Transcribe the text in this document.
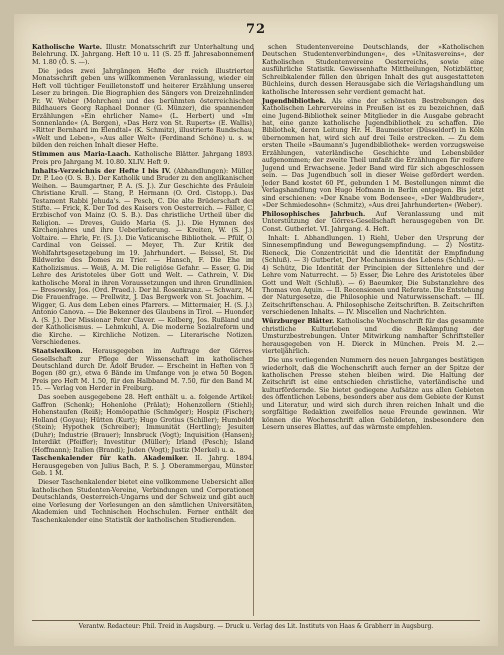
72

Katholische Warte. Illustr. Monatsschrift zur Unterhaltung und Belehrung. IX. Jahrgang. Heft 10 u. 11 (S. 25 ff. Jahresabonnement M. 1.80 (Ö. S. —).

Die jedes zwei Jahrgängen Hefte der reich illustrierten Monatsschrift geben uns willkommenen Veranlassung, wieder ein Heft voll tüchtiger Feuilletonstoff und heiterer Erzählung unserer Leser zu bringen. Die Biographien des Sängers von Dreizehnlinden Fr. W. Weber (Mohrchen) und des berühmten österreichischen Bildhauers Georg Raphael Donner (G. Münzer), die spannenden Erzählungen »Ein ehrlicher Name« (L. Herbert) und »Im Sonnenlande« (A. Bergen), »Das Herz von St. Ruperts« (E. Wallis), »Ritter Bernhard im Elendtal« (K. Schmitz), illustrierte Rundschau, »Welt und Leben«, »Aus aller Welt« (Ferdinand Schöne) u. s. w. bilden den reichen Inhalt dieser Hefte.

Stimmen aus Maria-Laach. Katholische Blätter. Jahrgang 1893. Preis pro Jahrgang M. 10.80. XLIV. Heft 9.

Inhalts-Verzeichnis der Hefte I bis IV. (Abhandlungen): Müller, Dr. P. Leo (O. S. B.). Der Katholik und Bruder zu den anglikanischen Weihen. — Baumgartner, P. A. (S. J.). Zur Geschichte des Fräulein Christiane Krull. — Stang, P. Hermann (O. Ord. Cistopp.). Das Testament Rabbi Jehuda's. — Pesch, C. Die alte Brüderschaft der Stifte. — Frick, K. Der Tod des Kaisers von Oesterreich. — Fäller, C. Erzbischof von Mainz (O. S. B.). Das christliche Urtheil über die Religion. — Dreves, Guido Maria (S. J.). Die Hymnen des Kirchenjahres und ihre Ueberlieferung. — Kreiten, W. (S. J.). Voltaire. — Ehrle, Fr. (S. J.). Die Vaticanische Bibliothek. — Pfülf, O. Cardinal von Geissel. — Meyer, Th. Zur Kritik der Wohlfahrtsgesetzgebung im 19. Jahrhundert. — Beissel, St. Die Bildwerke des Domes zu Trier. — Hansch, F. Die Ehe im Katholizismus. — Weiß, A. M. Die religiöse Gefahr. — Esser, G. Die Lehre des Aristoteles über Gott und Welt. — Cathrein, V. Die katholische Moral in ihren Voraussetzungen und ihren Grundlinien. — Bresowsky, Jos. (Ord. Praed.). Der hl. Rosenkranz. — Schwarz, M. Die Frauenfrage. — Prellwitz, J. Das Bergwerk von St. Joachim. — Wigger, G. Aus dem Leben eines Pfarrers. — Mittermaier, H. (S. J.). Antonio Canova. — Die Bekenner des Glaubens in Tirol. — Huonder, A. (S. J.). Der Missionar Peter Claver. — Kolberg, Jos. Rußland und der Katholicismus. — Lehmkuhl, A. Die moderne Sozialreform und die Kirche. — Kirchliche Notizen. — Literarische Notizen. Verschiedenes.

Staatslexikon. Herausgegeben im Auftrage der Görres-Gesellschaft zur Pflege der Wissenschaft im katholischen Deutschland durch Dr. Adolf Bruder. — Erscheint in Heften von 5 Bogen (80 gr.), etwa 6 Bände im Umfange von je etwa 50 Bogen. Preis pro Heft M. 1.50, für den Halbband M. 7.50, für den Band M. 15. — Verlag von Herder in Freiburg.

Das soeben ausgegebene 28. Heft enthält u. a. folgende Artikel: Gaffron (Schenk); Hohenlohe (Prälat); Hohenzollern (Stiehl); Hohenstaufen (Reiß); Homöopathie (Schmöger); Hospiz (Fischer); Holland (Goyau); Hütten (Kurt); Hugo Grotius (Schiller); Humboldt (Stein); Hypothek (Schreiber); Immunität (Hertling); Jesuiten (Duhr); Industrie (Brauer); Innsbruck (Vogt); Inquisition (Hansen); Interdikt (Pfeiffer); Investitur (Müller); Irland (Pesch); Island (Hoffmann); Italien (Brandi); Juden (Vogt); Justiz (Merkel) u. a.

Taschenkalender für kath. Akademiker. II. Jahrg. 1894. Herausgegeben von Julius Bach, P. S. J. Oberammergau, Münster. Geb. 1 M.

Dieser Taschenkalender bietet eine vollkommene Uebersicht aller katholischen Studenten-Vereine, Verbindungen und Corporationen Deutschlands, Oesterreich-Ungarns und der Schweiz und gibt auch eine Vorlesung der Vorlesungen an den sämtlichen Universitäten, Akademien und Technischen Hochschulen. Ferner enthält der Taschenkalender eine Statistik der katholischen Studierenden.

schen Studentenvereine Deutschlands, der »Katholischen Deutschen Studentenverbindungen«, des »Unitasvereins«, der Katholischen Studentenvereine Oesterreichs, sowie eine ausführliche Statistik. Gewissenhafte Mittheilungen, Notizblätter, Schreibkalender füllen den übrigen Inhalt des gut ausgestatteten Büchleins, durch dessen Herausgabe sich die Verlagshandlung um katholische Interessen sehr verdient gemacht hat.

Jugendbibliothek. Als eine der schönsten Bestrebungen des Katholischen Lehrervereins in Preußen ist es zu bezeichnen, daß eine Jugend-Bibliothek seiner Mitglieder in die Ausgabe gebracht hat, eine ganze katholische Jugendbibliothek zu schaffen. Die Bibliothek, deren Leitung Hr. H. Baumeister (Düsseldorf) in Köln übernommen hat, wird sich auf drei Teile erstrecken. — Zu dem ersten Theile »Baumann's Jugendbibliothek« werden vorzugsweise Erzählungen, vaterländische Geschichte und Lebensbilder aufgenommen; der zweite Theil umfaßt die Erzählungen für reifere Jugend und Erwachsene. Jeder Band wird für sich abgeschlossen sein. — Das Jugendbuch soll in dieser Weise gefördert werden. Jeder Band kostet 60 Pf., gebunden 1 M. Bestellungen nimmt die Verlagshandlung von Hugo Hofmann in Berlin entgegen. Bis jetzt sind erschienen: »Der Knabe vom Bodensee«, »Der Waldbruder«, »Der Schmiedesohn« (Schmitz), »Aus drei Jahrhunderten« (Weber).

Philosophisches Jahrbuch. Auf Veranlassung und mit Unterstützung der Görres-Gesellschaft herausgegeben von Dr. Const. Gutberlet. VI. Jahrgang. 4. Heft.

Inhalt: I. Abhandlungen. 1) Riehl, Ueber den Ursprung der Sinnesempfindung und Bewegungsempfindung. — 2) Nostitz-Rieneck, Die Conzentricität und die Identität der Empfindung (Schluß). — 3) Gutberlet, Der Mechanismus des Lebens (Schluß). — 4) Schütz, Die Identität der Principien der Sittenlehre und der Lehre vom Naturrecht. — 5) Esser, Die Lehre des Aristoteles über Gott und Welt (Schluß). — 6) Baeumker, Die Substanzlehre des Thomas von Aquin. — II. Recensionen und Referate. Die Entstehung der Naturgesetze, die Philosophie und Naturwissenschaft. — III. Zeitschriftenschau. A. Philosophische Zeitschriften. B. Zeitschriften verschiedenen Inhalts. — IV. Miscellen und Nachrichten.

Würzburger Blätter. Katholische Wochenschrift für das gesammte christliche Kulturleben und die Bekämpfung der Umsturzbestrebungen. Unter Mitwirkung namhafter Schriftsteller herausgegeben von H. Dierck in München. Preis M. 2.— vierteljährlich.

Die uns vorliegenden Nummern des neuen Jahrganges bestätigen wiederholt, daß die Wochenschrift auch ferner an der Spitze der katholischen Presse stehen bleiben wird. Die Haltung der Zeitschrift ist eine entschieden christliche, vaterländische und kulturfördernde. Sie bietet gediegene Aufsätze aus allen Gebieten des öffentlichen Lebens, besonders aber aus dem Gebiete der Kunst und Literatur, und wird sich durch ihren reichen Inhalt und die sorgfältige Redaktion zweifellos neue Freunde gewinnen. Wir können die Wochenschrift allen Gebildeten, insbesondere den Lesern unseres Blattes, auf das wärmste empfehlen.

Verantw. Redacteur: Phil. Treid in Augsburg. — Druck u. Verlag des Lit. Instituts von Haas & Grabherr in Augsburg.
